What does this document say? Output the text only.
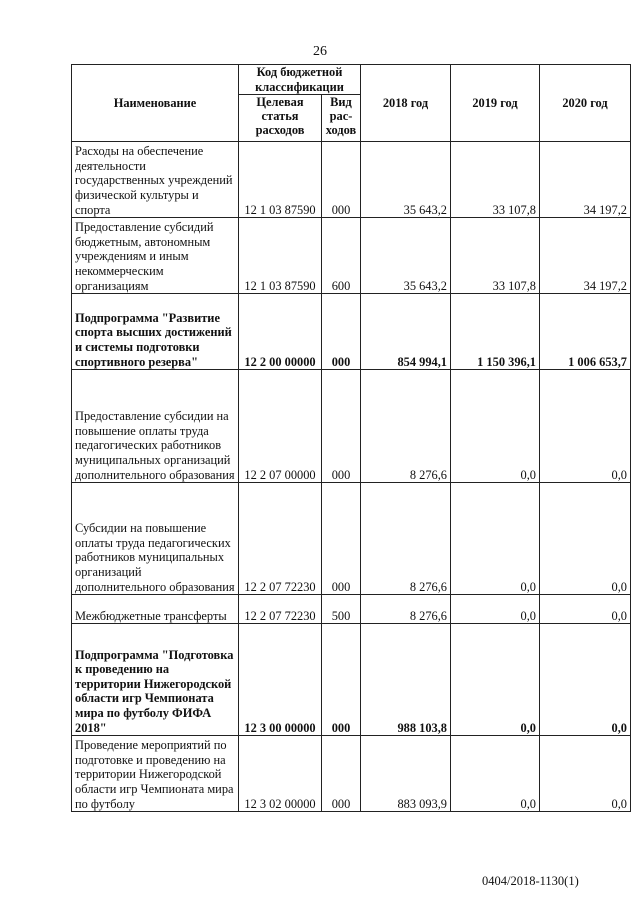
26
Наименование	Код бюджетной классификации		2018 год	2019 год	2020 год
	Целевая статья расходов	Вид рас-ходов			
Расходы на обеспечение деятельности государственных учреждений физической культуры и спорта	12 1 03 87590	000	35 643,2	33 107,8	34 197,2
Предоставление субсидий бюджетным, автономным учреждениям и иным некоммерческим организациям	12 1 03 87590	600	35 643,2	33 107,8	34 197,2
Подпрограмма "Развитие спорта высших достижений и системы подготовки спортивного резерва"	12 2 00 00000	000	854 994,1	1 150 396,1	1 006 653,7
Предоставление субсидии на повышение оплаты труда педагогических работников муниципальных организаций дополнительного образования	12 2 07 00000	000	8 276,6	0,0	0,0
Субсидии на повышение оплаты труда педагогических работников муниципальных организаций дополнительного образования	12 2 07 72230	000	8 276,6	0,0	0,0
Межбюджетные трансферты	12 2 07 72230	500	8 276,6	0,0	0,0
Подпрограмма "Подготовка к проведению на территории Нижегородской области игр Чемпионата мира по футболу ФИФА 2018"	12 3 00 00000	000	988 103,8	0,0	0,0
Проведение мероприятий по подготовке и проведению на территории Нижегородской области игр Чемпионата мира по футболу	12 3 02 00000	000	883 093,9	0,0	0,0
0404/2018-1130(1)
